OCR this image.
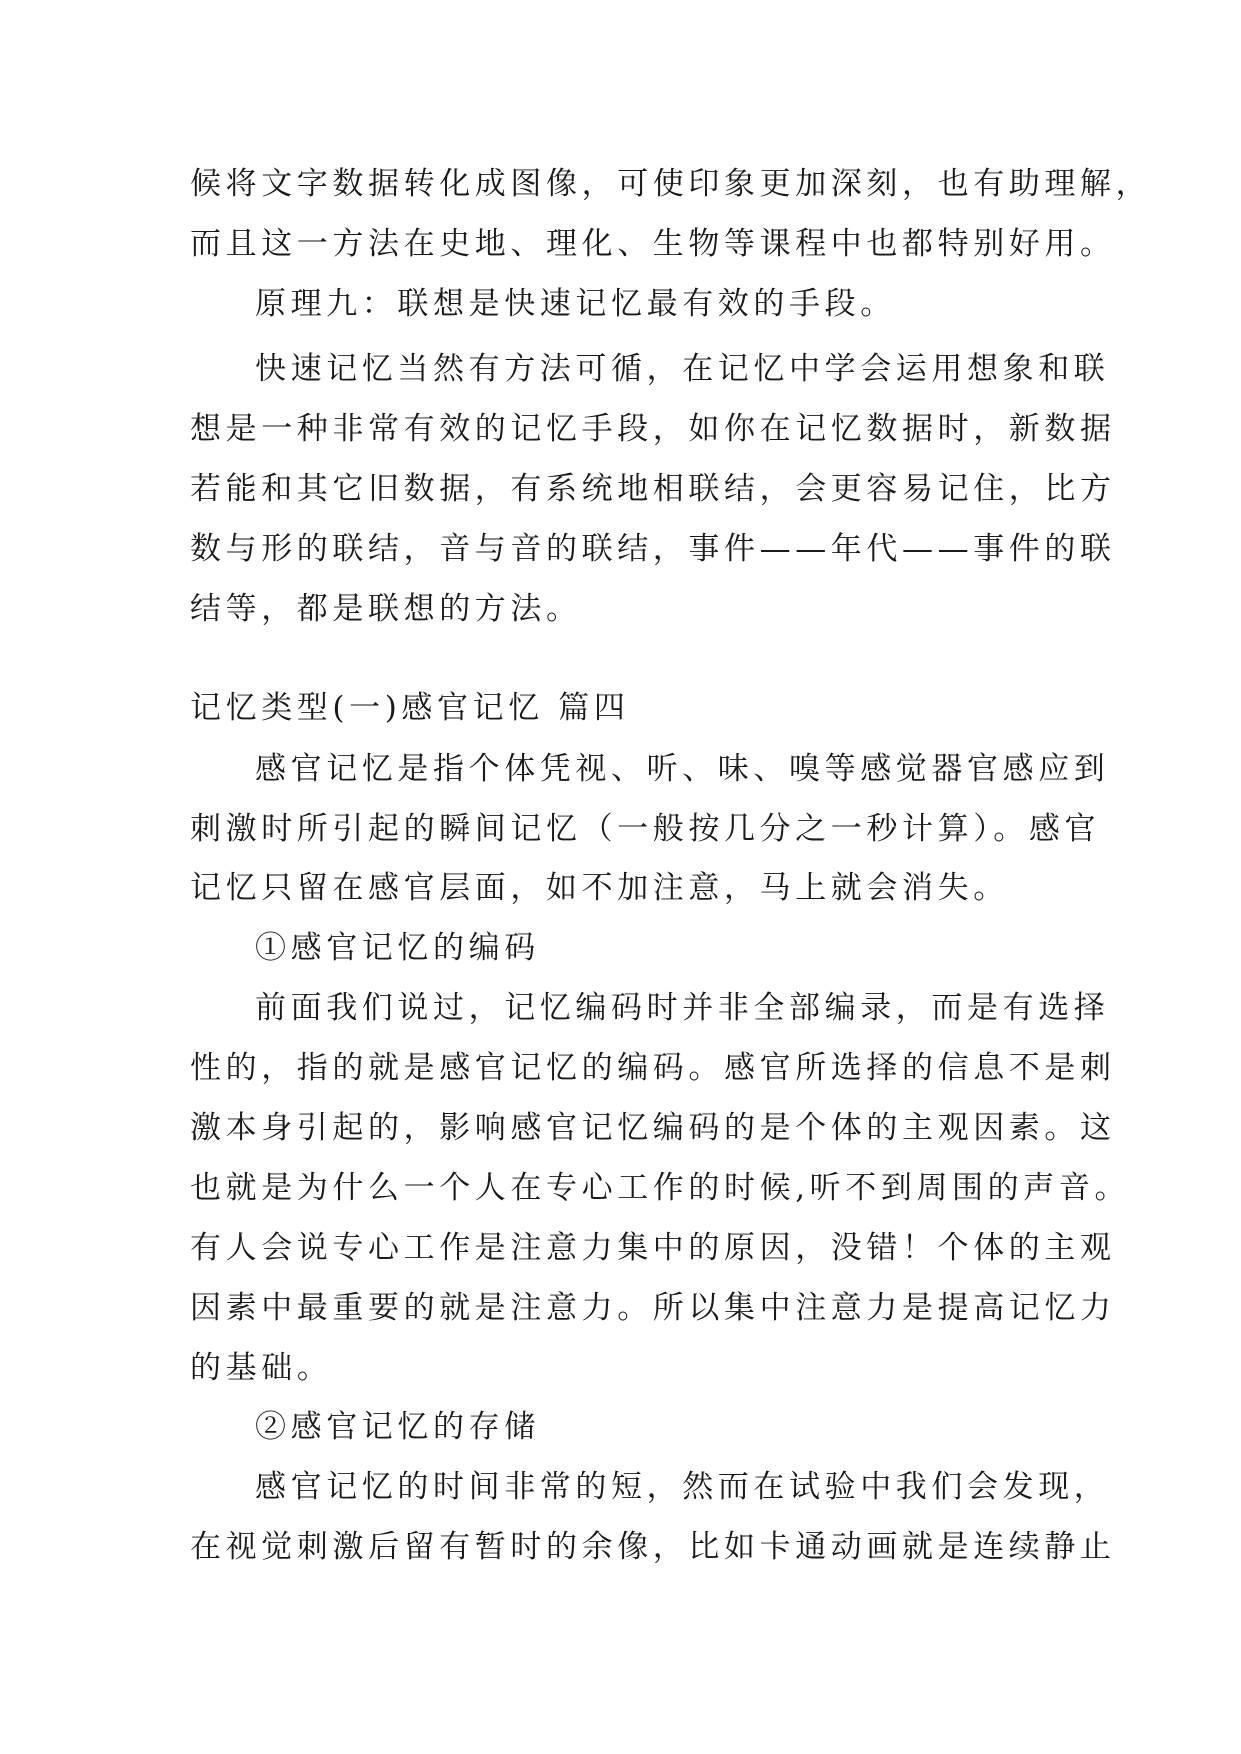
候将文字数据转化成图像，可使印象更加深刻，也有助理解，
而且这一方法在史地、理化、生物等课程中也都特别好用。
原理九：联想是快速记忆最有效的手段。
快速记忆当然有方法可循，在记忆中学会运用想象和联
想是一种非常有效的记忆手段，如你在记忆数据时，新数据
若能和其它旧数据，有系统地相联结，会更容易记住，比方
数与形的联结，音与音的联结，事件——年代——事件的联
结等，都是联想的方法。
记忆类型(一)感官记忆 篇四
感官记忆是指个体凭视、听、味、嗅等感觉器官感应到
刺激时所引起的瞬间记忆（一般按几分之一秒计算）。感官
记忆只留在感官层面，如不加注意，马上就会消失。
①感官记忆的编码
前面我们说过，记忆编码时并非全部编录，而是有选择
性的，指的就是感官记忆的编码。感官所选择的信息不是刺
激本身引起的，影响感官记忆编码的是个体的主观因素。这
也就是为什么一个人在专心工作的时候,听不到周围的声音。
有人会说专心工作是注意力集中的原因，没错！个体的主观
因素中最重要的就是注意力。所以集中注意力是提高记忆力
的基础。
②感官记忆的存储
感官记忆的时间非常的短，然而在试验中我们会发现，
在视觉刺激后留有暂时的余像，比如卡通动画就是连续静止
